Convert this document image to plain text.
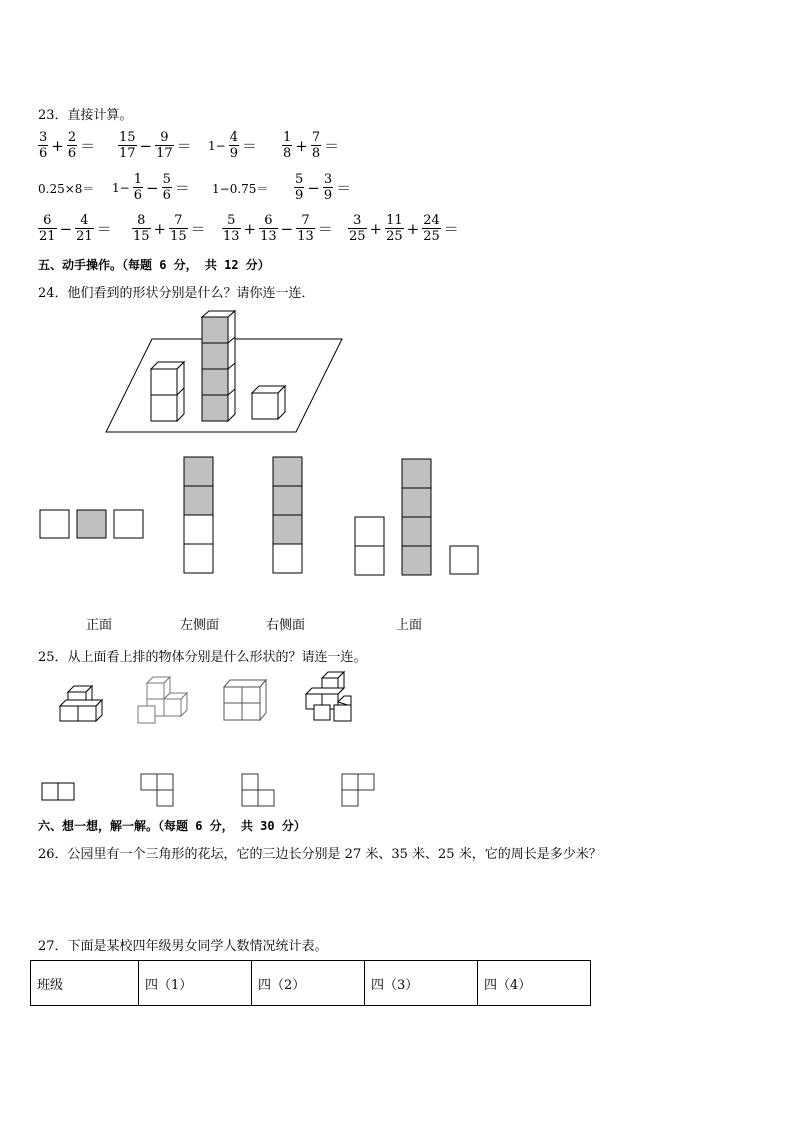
23．直接计算。
$\frac{3}{6} + \frac{2}{6} = \frac{15}{17} - \frac{9}{17} = 1- \frac{4}{9} = \frac{1}{8} + \frac{7}{8}$ ＝
$0.25\times 8= 1- \frac{1}{6} - \frac{5}{6} = 1-0.75= \frac{5}{9} - \frac{3}{9}$ ＝
$\frac{6}{21} - \frac{4}{21} = \frac{8}{15} + \frac{7}{15} = \frac{5}{13} + \frac{6}{13} - \frac{7}{13} = \frac{3}{25} + \frac{11}{25} + \frac{24}{25}$ ＝
五、动手操作。（每题 6 分， 共 12 分）
24．他们看到的形状分别是什么？请你连一连．
正面	左侧面	右侧面	上面
25．从上面看上排的物体分别是什么形状的？请连一连。
六、想一想，解一解。（每题 6 分， 共 30 分）
26．公园里有一个三角形的花坛，它的三边长分别是 27 米、35 米、25 米，它的周长是多少米？
27．下面是某校四年级男女同学人数情况统计表。
班级	四（1）	四（2）	四（3）	四（4）
